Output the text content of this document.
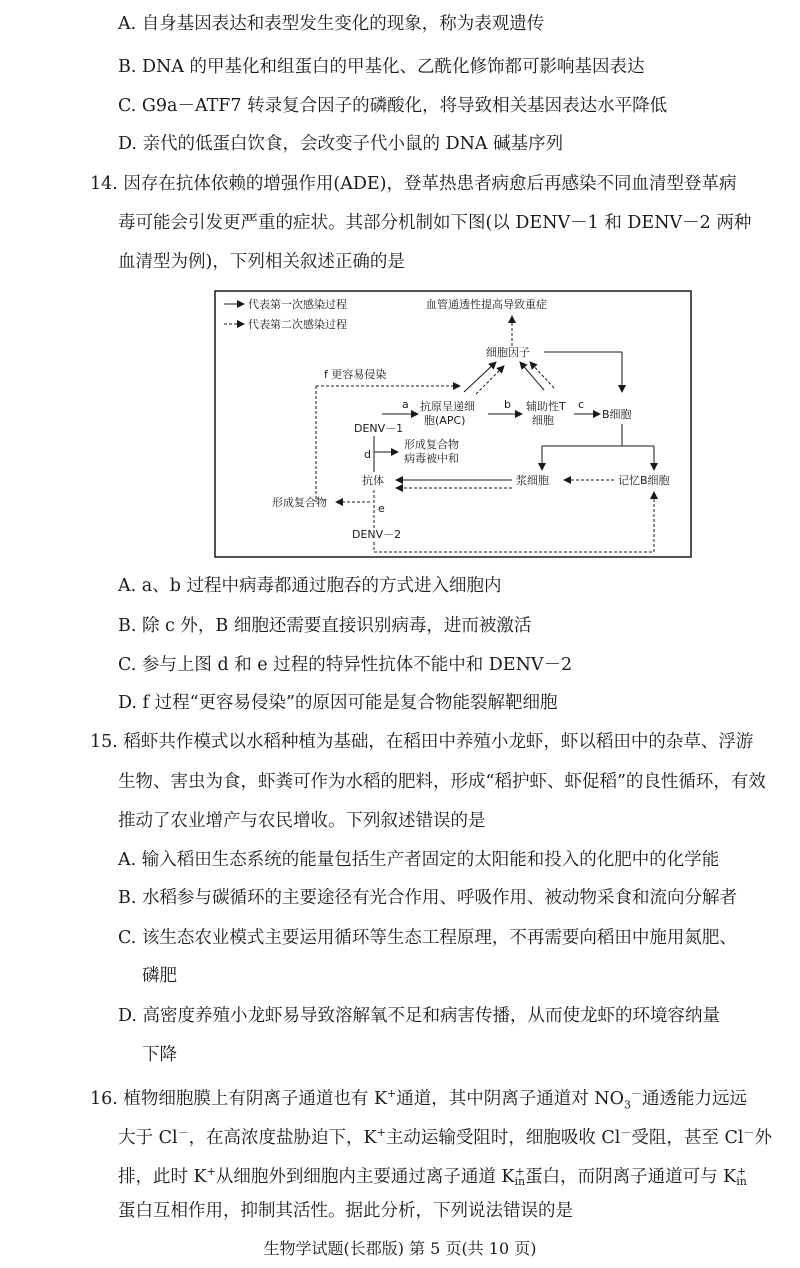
A. 自身基因表达和表型发生变化的现象，称为表观遗传
B. DNA 的甲基化和组蛋白的甲基化、乙酰化修饰都可影响基因表达
C. G9a－ATF7 转录复合因子的磷酸化，将导致相关基因表达水平降低
D. 亲代的低蛋白饮食，会改变子代小鼠的 DNA 碱基序列
14. 因存在抗体依赖的增强作用(ADE)，登革热患者病愈后再感染不同血清型登革病
毒可能会引发更严重的症状。其部分机制如下图(以 DENV－1 和 DENV－2 两种
血清型为例)，下列相关叙述正确的是
代表第一次感染过程
代表第二次感染过程
血管通透性提高导致重症
细胞因子
f 更容易侵染
a
DENV－1
抗原呈递细
胞(APC)
b 辅助性T
细胞
c
B细胞
d
形成复合物
病毒被中和
抗体	浆细胞	记忆B细胞
e
形成复合物
DENV－2
A. a、b 过程中病毒都通过胞吞的方式进入细胞内
B. 除 c 外，B 细胞还需要直接识别病毒，进而被激活
C. 参与上图 d 和 e 过程的特异性抗体不能中和 DENV－2
D. f 过程“更容易侵染”的原因可能是复合物能裂解靶细胞
15. 稻虾共作模式以水稻种植为基础，在稻田中养殖小龙虾，虾以稻田中的杂草、浮游
生物、害虫为食，虾粪可作为水稻的肥料，形成“稻护虾、虾促稻”的良性循环，有效
推动了农业增产与农民增收。下列叙述错误的是
A. 输入稻田生态系统的能量包括生产者固定的太阳能和投入的化肥中的化学能
B. 水稻参与碳循环的主要途径有光合作用、呼吸作用、被动物采食和流向分解者
C. 该生态农业模式主要运用循环等生态工程原理，不再需要向稻田中施用氮肥、
磷肥
D. 高密度养殖小龙虾易导致溶解氧不足和病害传播，从而使龙虾的环境容纳量
下降
16. 植物细胞膜上有阴离子通道也有 K+通道，其中阴离子通道对 $NO_3^-$通透能力远远
大于 Cl－，在高浓度盐胁迫下，K+主动运输受阻时，细胞吸收 Cl－受阻，甚至 Cl－外
排，此时 K+从细胞外到细胞内主要通过离子通道 K +
in 蛋白，而阴离子通道可与 K +
in
蛋白互相作用，抑制其活性。据此分析，下列说法错误的是
生物学试题(长郡版) 第 5 页(共 10 页)
